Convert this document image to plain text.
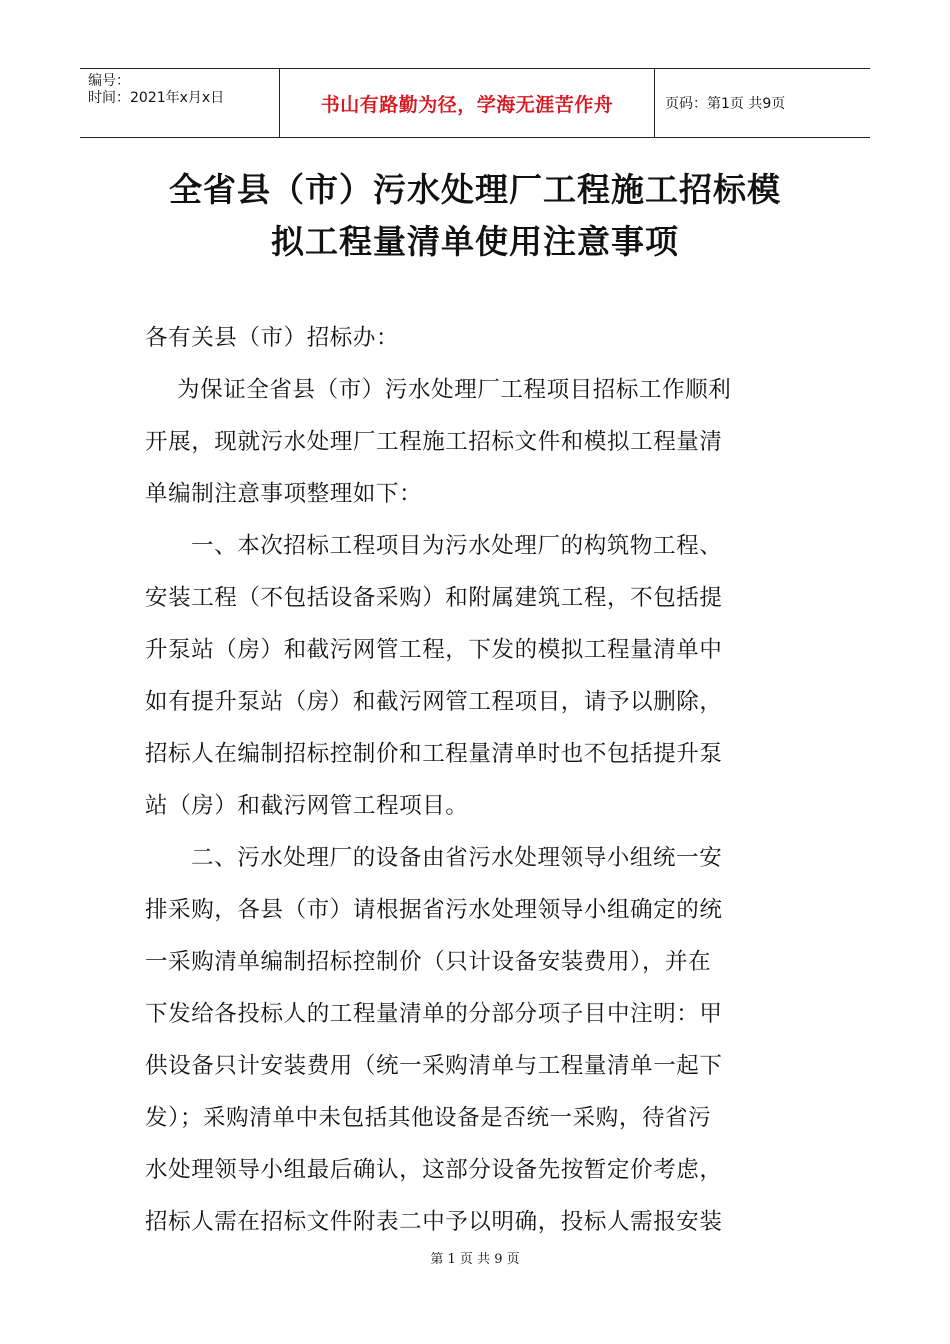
编号：
时间：2021年x月x日	书山有路勤为径，学海无涯苦作舟	页码：第1页 共9页
全省县（市）污水处理厂工程施工招标模
拟工程量清单使用注意事项

各有关县（市）招标办：

为保证全省县（市）污水处理厂工程项目招标工作顺利

开展，现就污水处理厂工程施工招标文件和模拟工程量清

单编制注意事项整理如下：

一、本次招标工程项目为污水处理厂的构筑物工程、

安装工程（不包括设备采购）和附属建筑工程，不包括提

升泵站（房）和截污网管工程，下发的模拟工程量清单中

如有提升泵站（房）和截污网管工程项目，请予以删除，

招标人在编制招标控制价和工程量清单时也不包括提升泵

站（房）和截污网管工程项目。

二、污水处理厂的设备由省污水处理领导小组统一安

排采购，各县（市）请根据省污水处理领导小组确定的统

一采购清单编制招标控制价（只计设备安装费用），并在

下发给各投标人的工程量清单的分部分项子目中注明：甲

供设备只计安装费用（统一采购清单与工程量清单一起下

发）；采购清单中未包括其他设备是否统一采购，待省污

水处理领导小组最后确认，这部分设备先按暂定价考虑，

招标人需在招标文件附表二中予以明确，投标人需报安装

第 1 页 共 9 页
